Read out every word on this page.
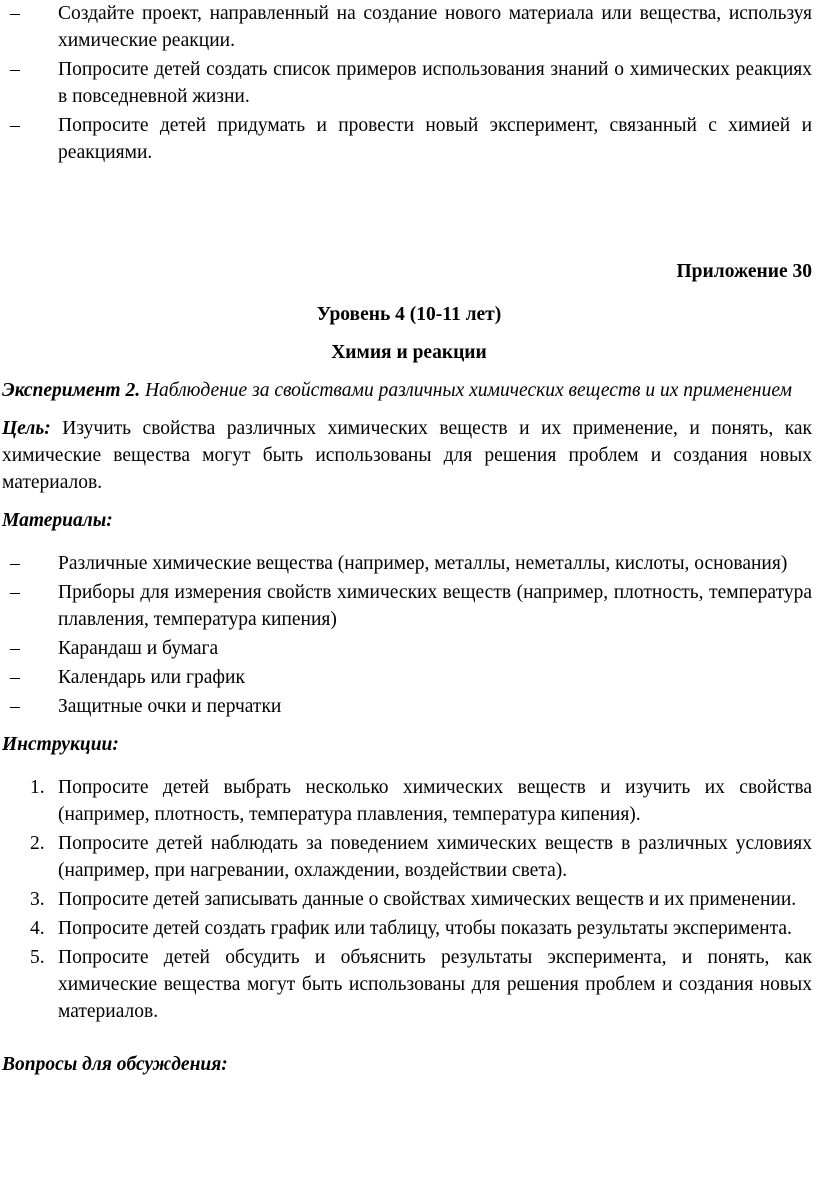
–	Создайте проект, направленный на создание нового материала или вещества, используя химические реакции.
–	Попросите детей создать список примеров использования знаний о химических реакциях в повседневной жизни.
–	Попросите детей придумать и провести новый эксперимент, связанный с химией и реакциями.
Приложение 30
Уровень 4 (10-11 лет)
Химия и реакции
Эксперимент 2. Наблюдение за свойствами различных химических веществ и их применением
Цель: Изучить свойства различных химических веществ и их применение, и понять, как химические вещества могут быть использованы для решения проблем и создания новых материалов.
Материалы:
–	Различные химические вещества (например, металлы, неметаллы, кислоты, основания)
–	Приборы для измерения свойств химических веществ (например, плотность, температура плавления, температура кипения)
–	Карандаш и бумага
–	Календарь или график
–	Защитные очки и перчатки
Инструкции:
1. Попросите детей выбрать несколько химических веществ и изучить их свойства (например, плотность, температура плавления, температура кипения).
2. Попросите детей наблюдать за поведением химических веществ в различных условиях (например, при нагревании, охлаждении, воздействии света).
3. Попросите детей записывать данные о свойствах химических веществ и их применении.
4. Попросите детей создать график или таблицу, чтобы показать результаты эксперимента.
5. Попросите детей обсудить и объяснить результаты эксперимента, и понять, как химические вещества могут быть использованы для решения проблем и создания новых материалов.
Вопросы для обсуждения:
